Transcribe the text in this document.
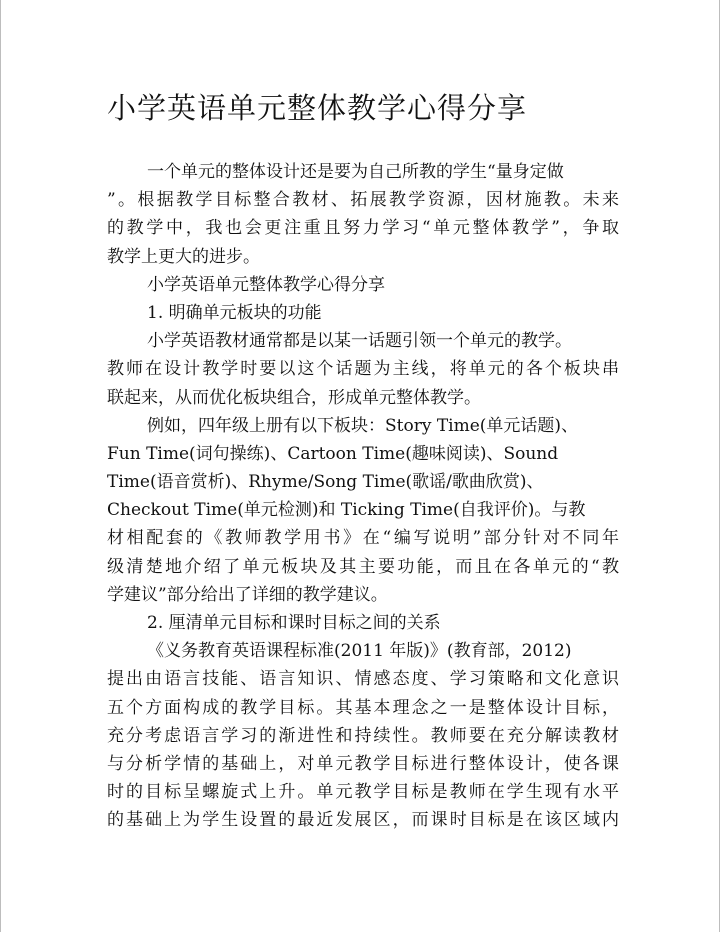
小学英语单元整体教学心得分享
一个单元的整体设计还是要为自己所教的学生“量身定做
”。根据教学目标整合教材、拓展教学资源，因材施教。未来
的教学中，我也会更注重且努力学习“单元整体教学”，争取
教学上更大的进步。
小学英语单元整体教学心得分享
1. 明确单元板块的功能
小学英语教材通常都是以某一话题引领一个单元的教学。
教师在设计教学时要以这个话题为主线，将单元的各个板块串
联起来，从而优化板块组合，形成单元整体教学。
例如，四年级上册有以下板块：Story Time(单元话题)、
Fun Time(词句操练)、Cartoon Time(趣味阅读)、Sound
Time(语音赏析)、Rhyme/Song Time(歌谣/歌曲欣赏)、
Checkout Time(单元检测)和 Ticking Time(自我评价)。与教
材相配套的《教师教学用书》在“编写说明”部分针对不同年
级清楚地介绍了单元板块及其主要功能，而且在各单元的“教
学建议”部分给出了详细的教学建议。
2. 厘清单元目标和课时目标之间的关系
《义务教育英语课程标准(2011 年版)》(教育部，2012)
提出由语言技能、语言知识、情感态度、学习策略和文化意识
五个方面构成的教学目标。其基本理念之一是整体设计目标，
充分考虑语言学习的渐进性和持续性。教师要在充分解读教材
与分析学情的基础上，对单元教学目标进行整体设计，使各课
时的目标呈螺旋式上升。单元教学目标是教师在学生现有水平
的基础上为学生设置的最近发展区，而课时目标是在该区域内
